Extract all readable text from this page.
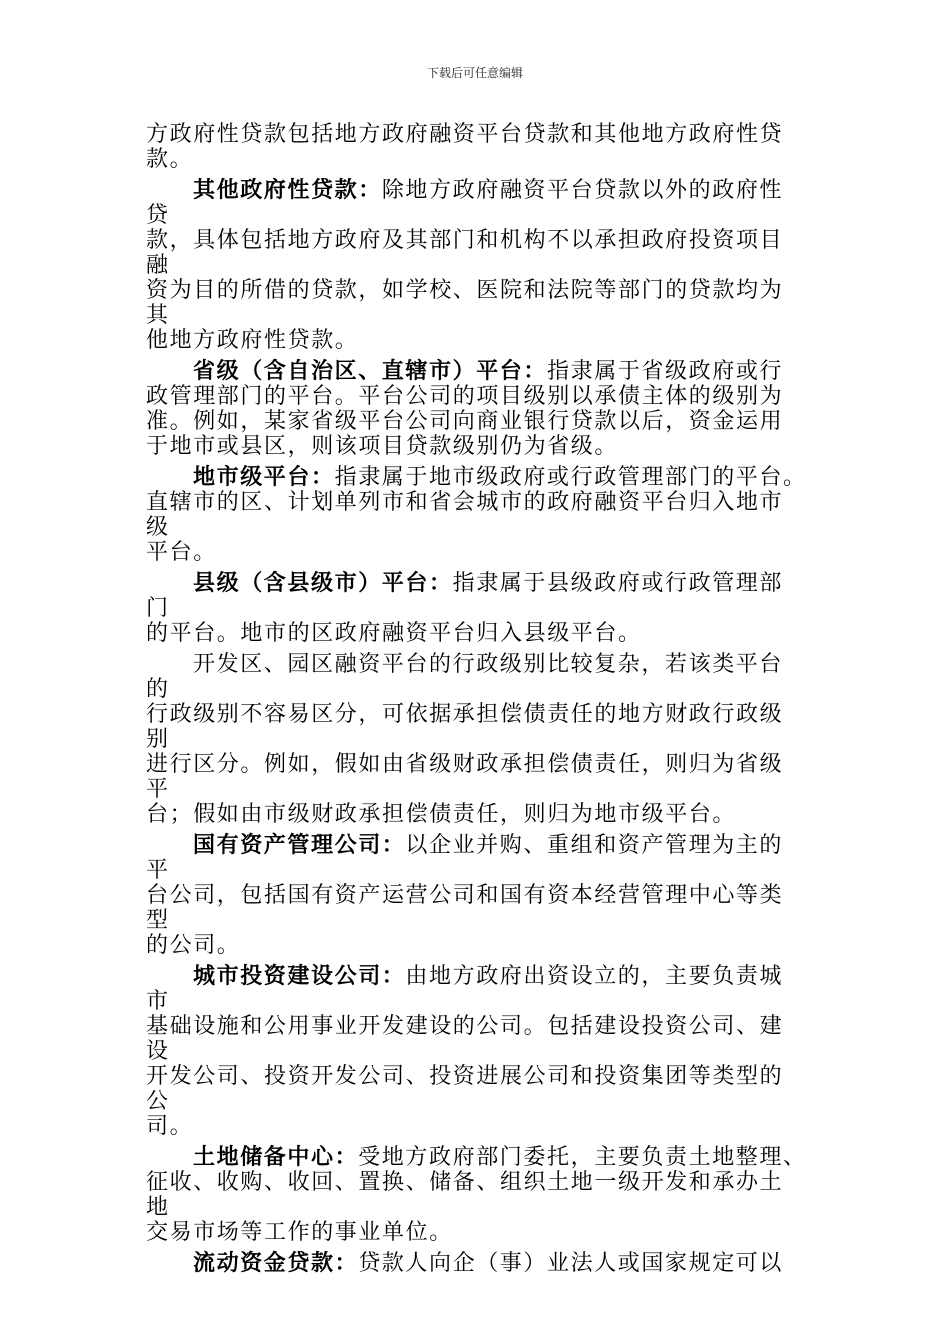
下载后可任意编辑
方政府性贷款包括地方政府融资平台贷款和其他地方政府性贷
款。
其他政府性贷款：除地方政府融资平台贷款以外的政府性
贷
款，具体包括地方政府及其部门和机构不以承担政府投资项目
融
资为目的所借的贷款，如学校、医院和法院等部门的贷款均为
其
他地方政府性贷款。
省级（含自治区、直辖市）平台：指隶属于省级政府或行
政管理部门的平台。平台公司的项目级别以承债主体的级别为
准。例如，某家省级平台公司向商业银行贷款以后，资金运用
于地市或县区，则该项目贷款级别仍为省级。
地市级平台：指隶属于地市级政府或行政管理部门的平台。
直辖市的区、计划单列市和省会城市的政府融资平台归入地市
级
平台。
县级（含县级市）平台：指隶属于县级政府或行政管理部
门
的平台。地市的区政府融资平台归入县级平台。
开发区、园区融资平台的行政级别比较复杂，若该类平台
的
行政级别不容易区分，可依据承担偿债责任的地方财政行政级
别
进行区分。例如，假如由省级财政承担偿债责任，则归为省级
平
台；假如由市级财政承担偿债责任，则归为地市级平台。
国有资产管理公司：以企业并购、重组和资产管理为主的
平
台公司，包括国有资产运营公司和国有资本经营管理中心等类
型
的公司。
城市投资建设公司：由地方政府出资设立的，主要负责城
市
基础设施和公用事业开发建设的公司。包括建设投资公司、建
设
开发公司、投资开发公司、投资进展公司和投资集团等类型的
公
司。
土地储备中心：受地方政府部门委托，主要负责土地整理、
征收、收购、收回、置换、储备、组织土地一级开发和承办土
地
交易市场等工作的事业单位。
流动资金贷款：贷款人向企（事）业法人或国家规定可以
